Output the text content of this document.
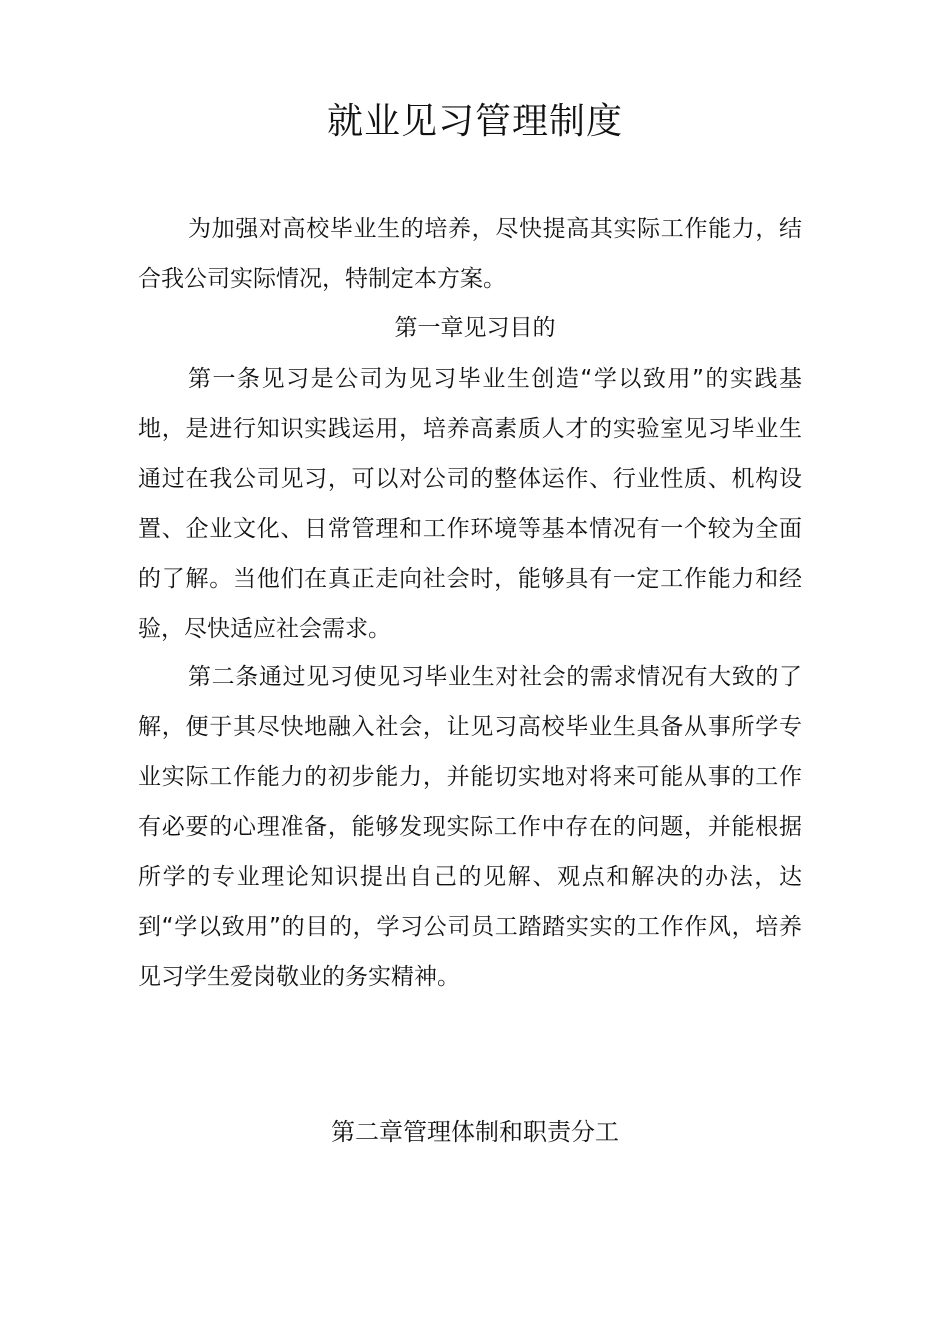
就业见习管理制度

为加强对高校毕业生的培养，尽快提高其实际工作能力，结合我公司实际情况，特制定本方案。

第一章见习目的

第一条见习是公司为见习毕业生创造“学以致用”的实践基地，是进行知识实践运用，培养高素质人才的实验室见习毕业生通过在我公司见习，可以对公司的整体运作、行业性质、机构设置、企业文化、日常管理和工作环境等基本情况有一个较为全面的了解。当他们在真正走向社会时，能够具有一定工作能力和经验，尽快适应社会需求。

第二条通过见习使见习毕业生对社会的需求情况有大致的了解，便于其尽快地融入社会，让见习高校毕业生具备从事所学专业实际工作能力的初步能力，并能切实地对将来可能从事的工作有必要的心理准备，能够发现实际工作中存在的问题，并能根据所学的专业理论知识提出自己的见解、观点和解决的办法，达到“学以致用”的目的，学习公司员工踏踏实实的工作作风，培养见习学生爱岗敬业的务实精神。

第二章管理体制和职责分工
